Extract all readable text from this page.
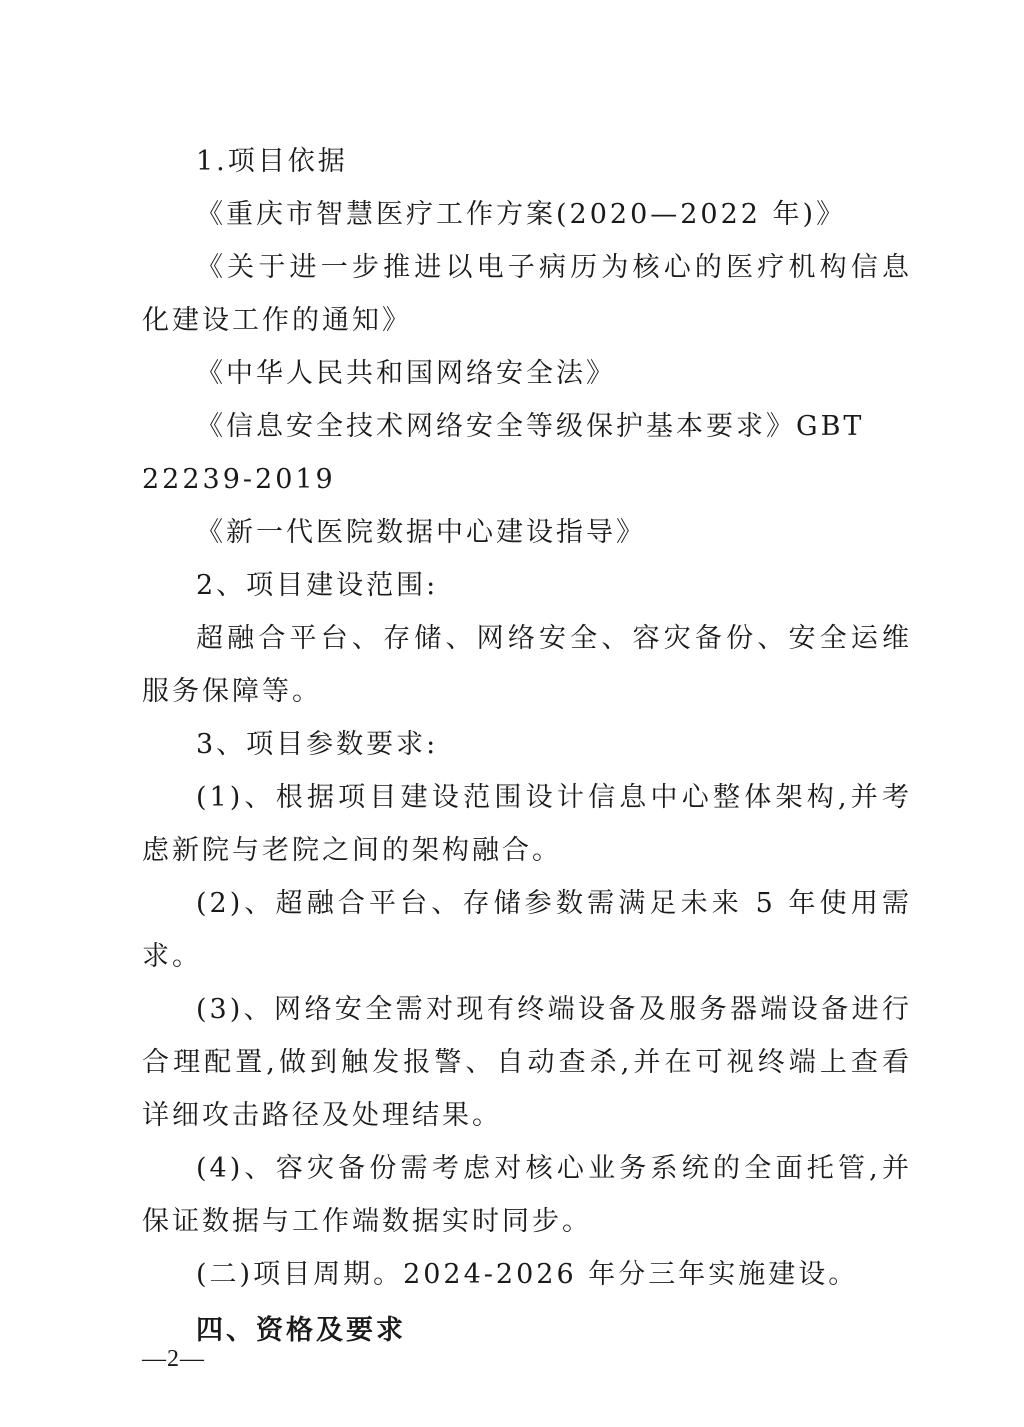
1.项目依据

《重庆市智慧医疗工作方案(2020—2022 年)》

《关于进一步推进以电子病历为核心的医疗机构信息化建设工作的通知》

《中华人民共和国网络安全法》

《信息安全技术网络安全等级保护基本要求》GBT

22239-2019

《新一代医院数据中心建设指导》

2、项目建设范围:

超融合平台、存储、网络安全、容灾备份、安全运维服务保障等。

3、项目参数要求:

(1)、根据项目建设范围设计信息中心整体架构,并考虑新院与老院之间的架构融合。

(2)、超融合平台、存储参数需满足未来 5 年使用需求。

(3)、网络安全需对现有终端设备及服务器端设备进行合理配置,做到触发报警、自动查杀,并在可视终端上查看详细攻击路径及处理结果。

(4)、容灾备份需考虑对核心业务系统的全面托管,并保证数据与工作端数据实时同步。

(二)项目周期。2024-2026 年分三年实施建设。

四、资格及要求

—2—
